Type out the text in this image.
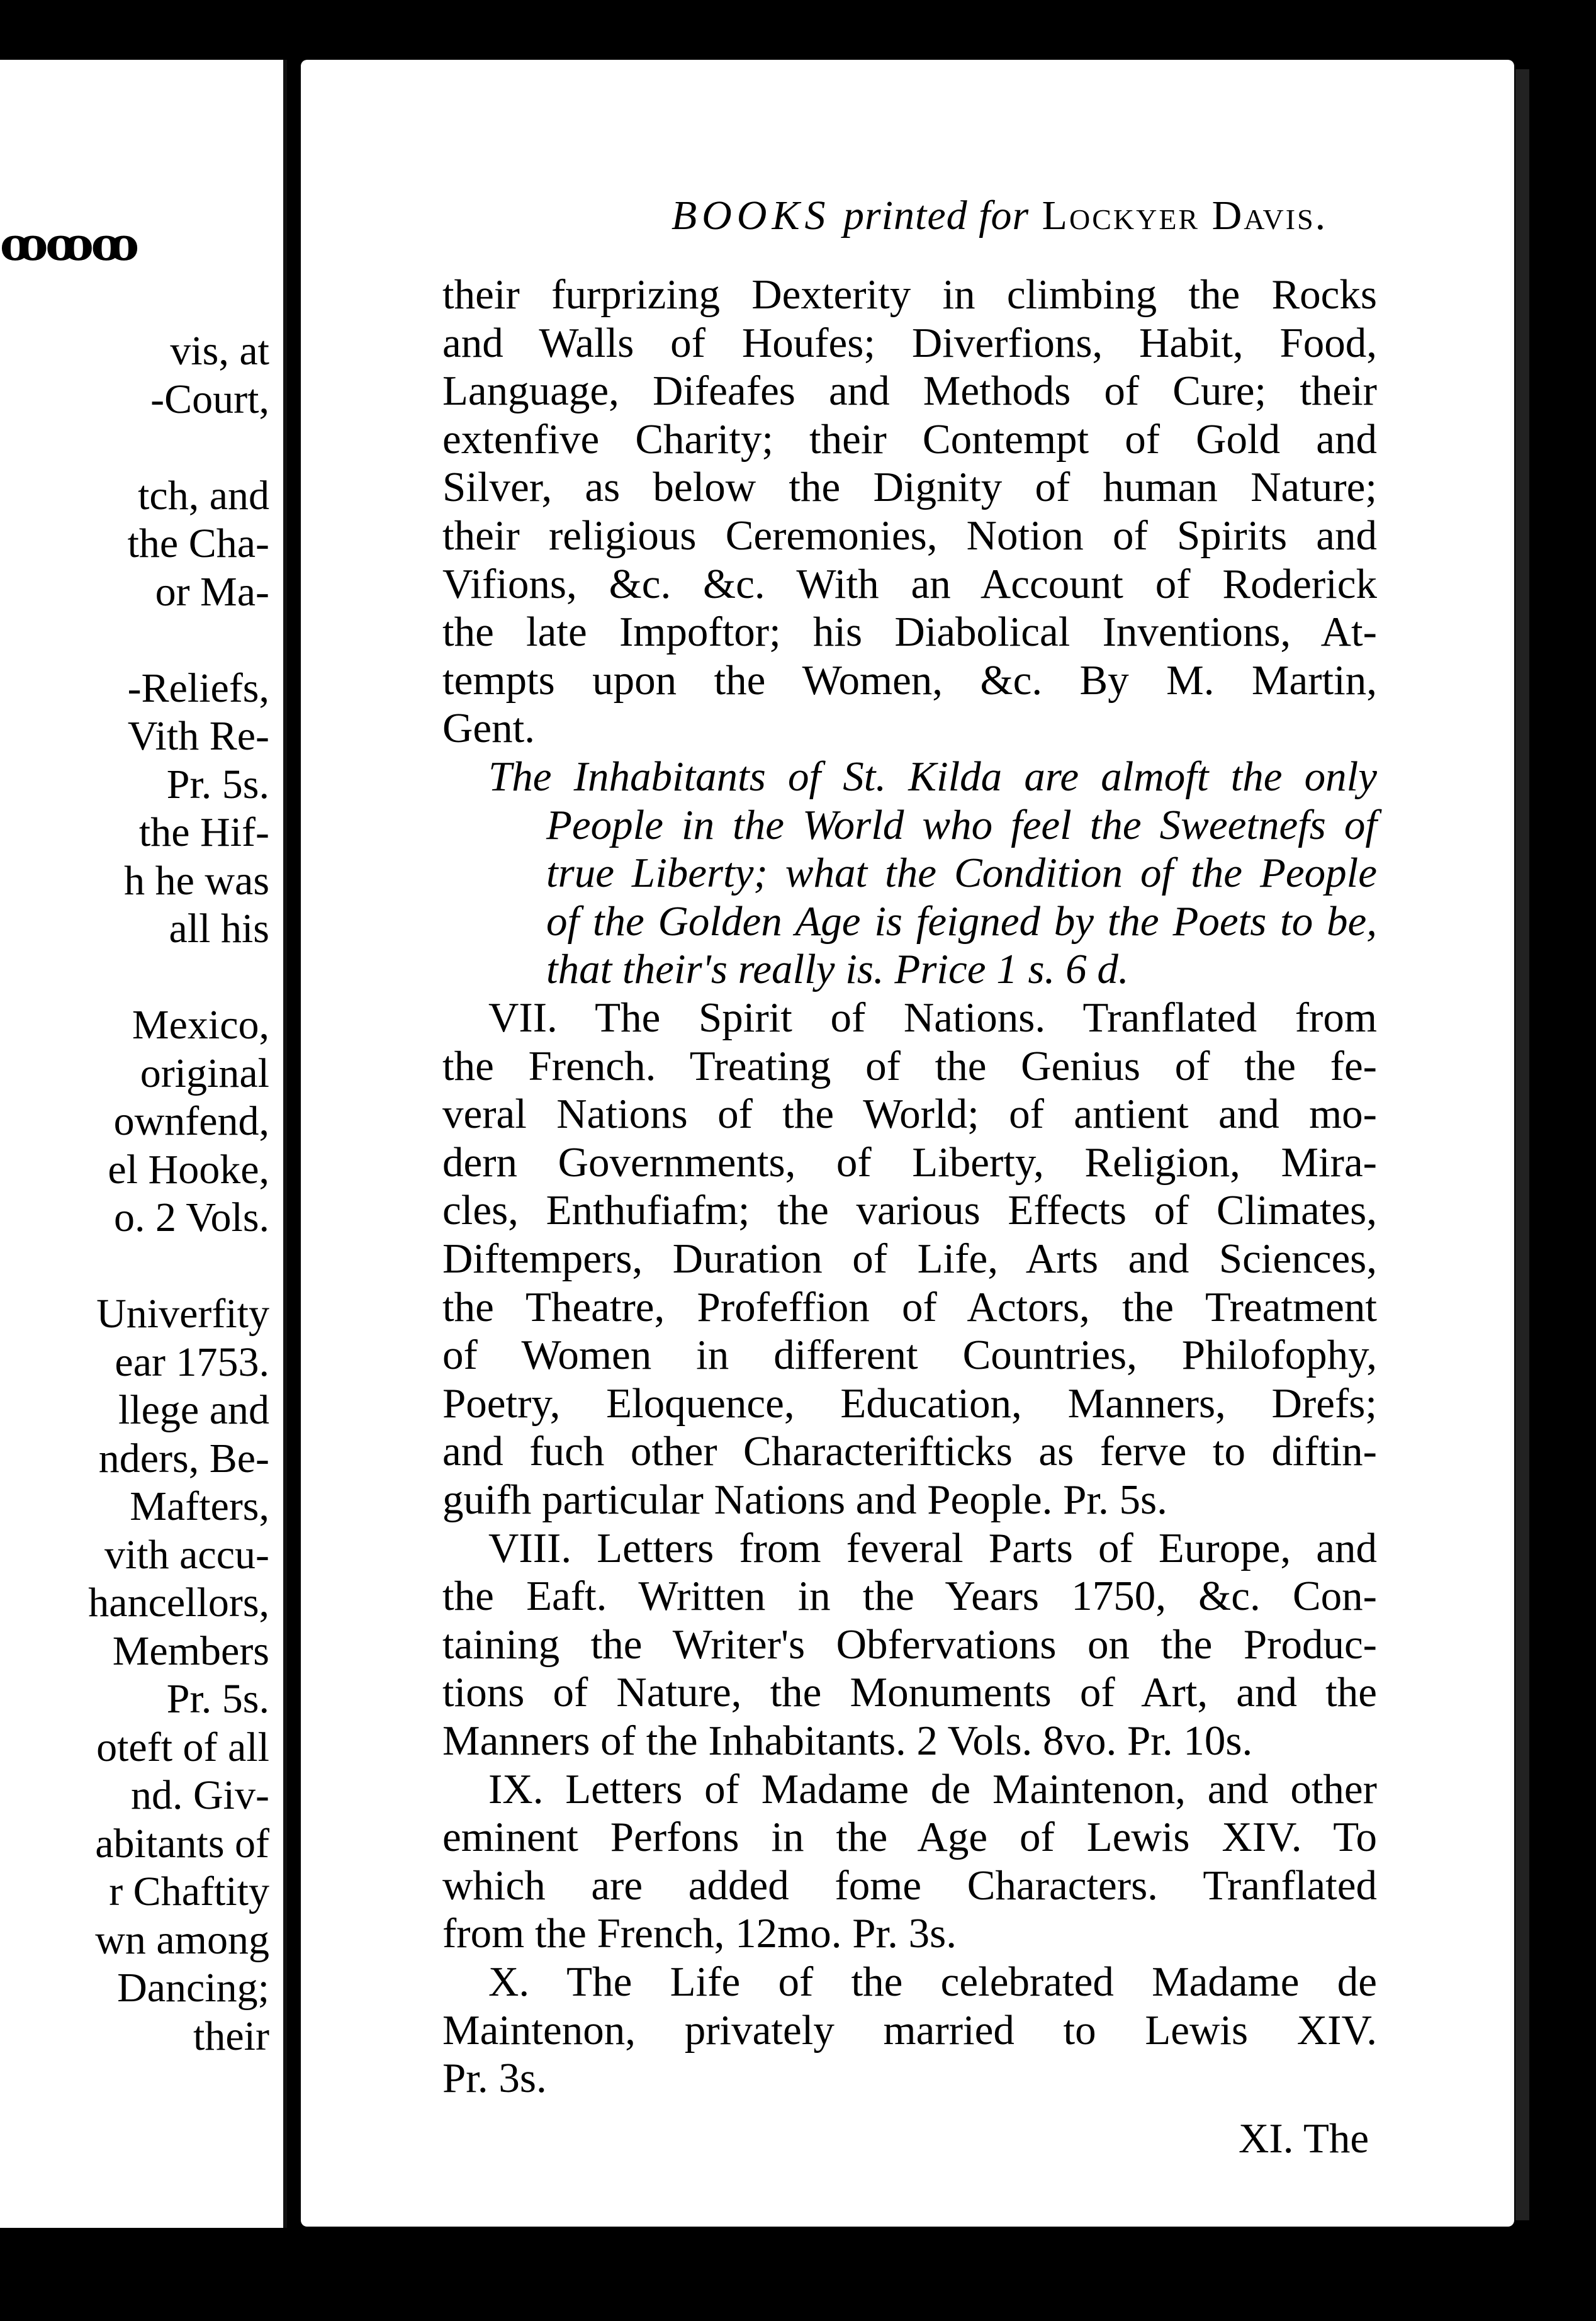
ꝏꝏꝏ
vis, at
-Court,
tch, and
the Cha-
or Ma-
-Reliefs,
Vith Re-
Pr. 5s.
the Hif-
h he was
all his
Mexico,
original
ownfend,
el Hooke,
o. 2 Vols.
Univerfity
ear 1753.
llege and
nders, Be-
Mafters,
vith accu-
hancellors,
Members
Pr. 5s.
oteft of all
nd. Giv-
abitants of
r Chaftity
wn among
Dancing;
their
BOOKS printed for Lockyer Davis.
their furprizing Dexterity in climbing the Rocks
and Walls of Houfes; Diverfions, Habit, Food,
Language, Difeafes and Methods of Cure; their
extenfive Charity; their Contempt of Gold and
Silver, as below the Dignity of human Nature;
their religious Ceremonies, Notion of Spirits and
Vifions, &c. &c. With an Account of Roderick
the late Impoftor; his Diabolical Inventions, At-
tempts upon the Women, &c. By M. Martin,
Gent.
The Inhabitants of St. Kilda are almoft the only
People in the World who feel the Sweetnefs of
true Liberty; what the Condition of the People
of the Golden Age is feigned by the Poets to be,
that their's really is. Price 1 s. 6 d.
VII. The Spirit of Nations. Tranflated from
the French. Treating of the Genius of the fe-
veral Nations of the World; of antient and mo-
dern Governments, of Liberty, Religion, Mira-
cles, Enthufiafm; the various Effects of Climates,
Diftempers, Duration of Life, Arts and Sciences,
the Theatre, Profeffion of Actors, the Treatment
of Women in different Countries, Philofophy,
Poetry, Eloquence, Education, Manners, Drefs;
and fuch other Characterifticks as ferve to diftin-
guifh particular Nations and People. Pr. 5s.
VIII. Letters from feveral Parts of Europe, and
the Eaft. Written in the Years 1750, &c. Con-
taining the Writer's Obfervations on the Produc-
tions of Nature, the Monuments of Art, and the
Manners of the Inhabitants. 2 Vols. 8vo. Pr. 10s.
IX. Letters of Madame de Maintenon, and other
eminent Perfons in the Age of Lewis XIV. To
which are added fome Characters. Tranflated
from the French, 12mo. Pr. 3s.
X. The Life of the celebrated Madame de
Maintenon, privately married to Lewis XIV.
Pr. 3s.
XI. The
